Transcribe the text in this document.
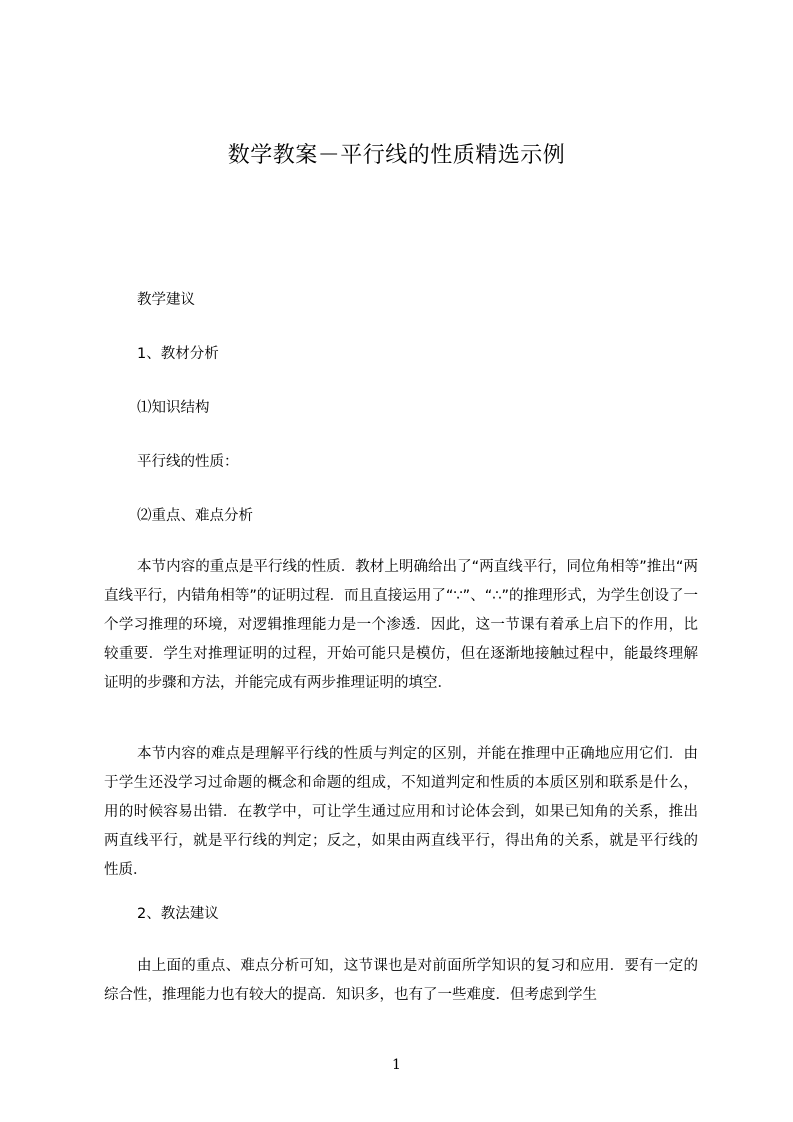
数学教案－平行线的性质精选示例
教学建议
1、教材分析
⑴知识结构
平行线的性质：
⑵重点、难点分析

本节内容的重点是平行线的性质．教材上明确给出了“两直线平行，同位角相等”推出“两直线平行，内错角相等”的证明过程．而且直接运用了“∵”、“∴”的推理形式，为学生创设了一个学习推理的环境，对逻辑推理能力是一个渗透．因此，这一节课有着承上启下的作用，比较重要．学生对推理证明的过程，开始可能只是模仿，但在逐渐地接触过程中，能最终理解证明的步骤和方法，并能完成有两步推理证明的填空．

本节内容的难点是理解平行线的性质与判定的区别，并能在推理中正确地应用它们．由于学生还没学习过命题的概念和命题的组成，不知道判定和性质的本质区别和联系是什么，用的时候容易出错．在教学中，可让学生通过应用和讨论体会到，如果已知角的关系，推出两直线平行，就是平行线的判定；反之，如果由两直线平行，得出角的关系，就是平行线的性质．

2、教法建议

由上面的重点、难点分析可知，这节课也是对前面所学知识的复习和应用．要有一定的综合性，推理能力也有较大的提高．知识多，也有了一些难度．但考虑到学生

1
